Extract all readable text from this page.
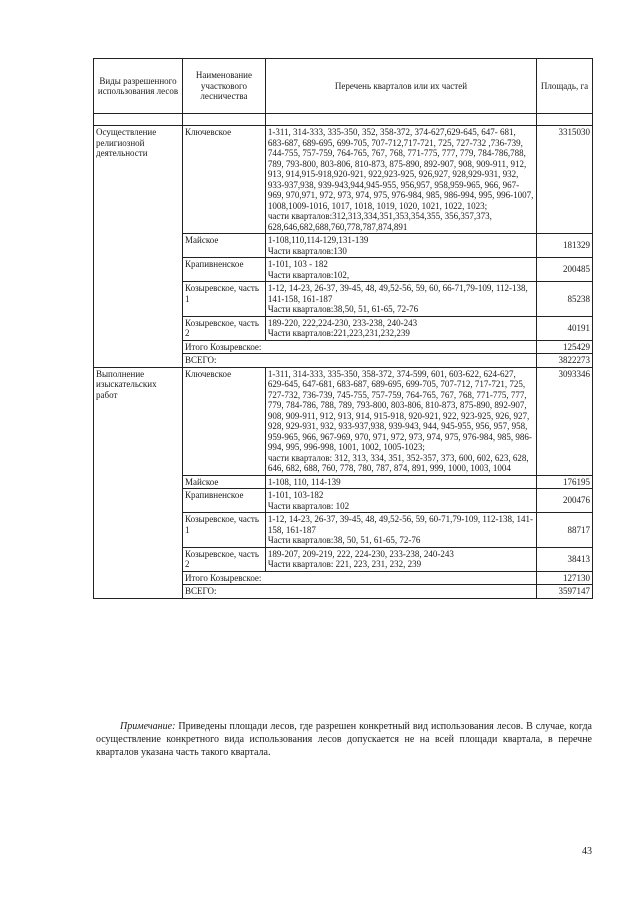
Виды разрешенного использования лесов	Наименование участкового лесничества	Перечень кварталов или их частей	Площадь, га

Осуществление религиозной деятельности	Ключевское	1-311, 314-333, 335-350, 352, 358-372, 374-627,629-645, 647- 681, 683-687, 689-695, 699-705, 707-712,717-721, 725, 727-732 ,736-739, 744-755, 757-759, 764-765, 767, 768, 771-775, 777, 779, 784-786,788, 789, 793-800, 803-806, 810-873, 875-890, 892-907, 908, 909-911, 912, 913, 914,915-918,920-921, 922,923-925, 926,927, 928,929-931, 932, 933-937,938, 939-943,944,945-955, 956,957, 958,959-965, 966, 967-969, 970,971, 972, 973, 974, 975, 976-984, 985, 986-994, 995, 996-1007, 1008,1009-1016, 1017, 1018, 1019, 1020, 1021, 1022, 1023;
части кварталов:312,313,334,351,353,354,355, 356,357,373, 628,646,682,688,760,778,787,874,891	3315030
	Майское	1-108,110,114-129,131-139
Части кварталов:130	181329
	Крапивненское	1-101, 103 - 182
Части кварталов:102,	200485
	Козыревское, часть 1	1-12, 14-23, 26-37, 39-45, 48, 49,52-56, 59, 60, 66-71,79-109, 112-138, 141-158, 161-187
Части кварталов:38,50, 51, 61-65, 72-76	85238
	Козыревское, часть 2	189-220, 222,224-230, 233-238, 240-243
Части кварталов:221,223,231,232,239	40191
	Итого Козыревское:		125429
	ВСЕГО:		3822273
Выполнение изыскательских работ	Ключевское	1-311, 314-333, 335-350, 358-372, 374-599, 601, 603-622, 624-627, 629-645, 647-681, 683-687, 689-695, 699-705, 707-712, 717-721, 725, 727-732, 736-739, 745-755, 757-759, 764-765, 767, 768, 771-775, 777, 779, 784-786, 788, 789, 793-800, 803-806, 810-873, 875-890, 892-907, 908, 909-911, 912, 913, 914, 915-918, 920-921, 922, 923-925, 926, 927, 928, 929-931, 932, 933-937,938, 939-943, 944, 945-955, 956, 957, 958, 959-965, 966, 967-969, 970, 971, 972, 973, 974, 975, 976-984, 985, 986-994, 995, 996-998, 1001, 1002, 1005-1023;
части кварталов: 312, 313, 334, 351, 352-357, 373, 600, 602, 623, 628, 646, 682, 688, 760, 778, 780, 787, 874, 891, 999, 1000, 1003, 1004	3093346
	Майское	1-108, 110, 114-139	176195
	Крапивненское	1-101, 103-182
Части кварталов: 102	200476
	Козыревское, часть 1	1-12, 14-23, 26-37, 39-45, 48, 49,52-56, 59, 60-71,79-109, 112-138, 141-158, 161-187
Части кварталов:38, 50, 51, 61-65, 72-76	88717
	Козыревское, часть 2	189-207, 209-219, 222, 224-230, 233-238, 240-243
Части кварталов: 221, 223, 231, 232, 239	38413
	Итого Козыревское:		127130
	ВСЕГО:		3597147
Примечание: Приведены площади лесов, где разрешен конкретный вид использования лесов. В случае, когда осуществление конкретного вида использования лесов допускается не на всей площади квартала, в перечне кварталов указана часть такого квартала.
43
